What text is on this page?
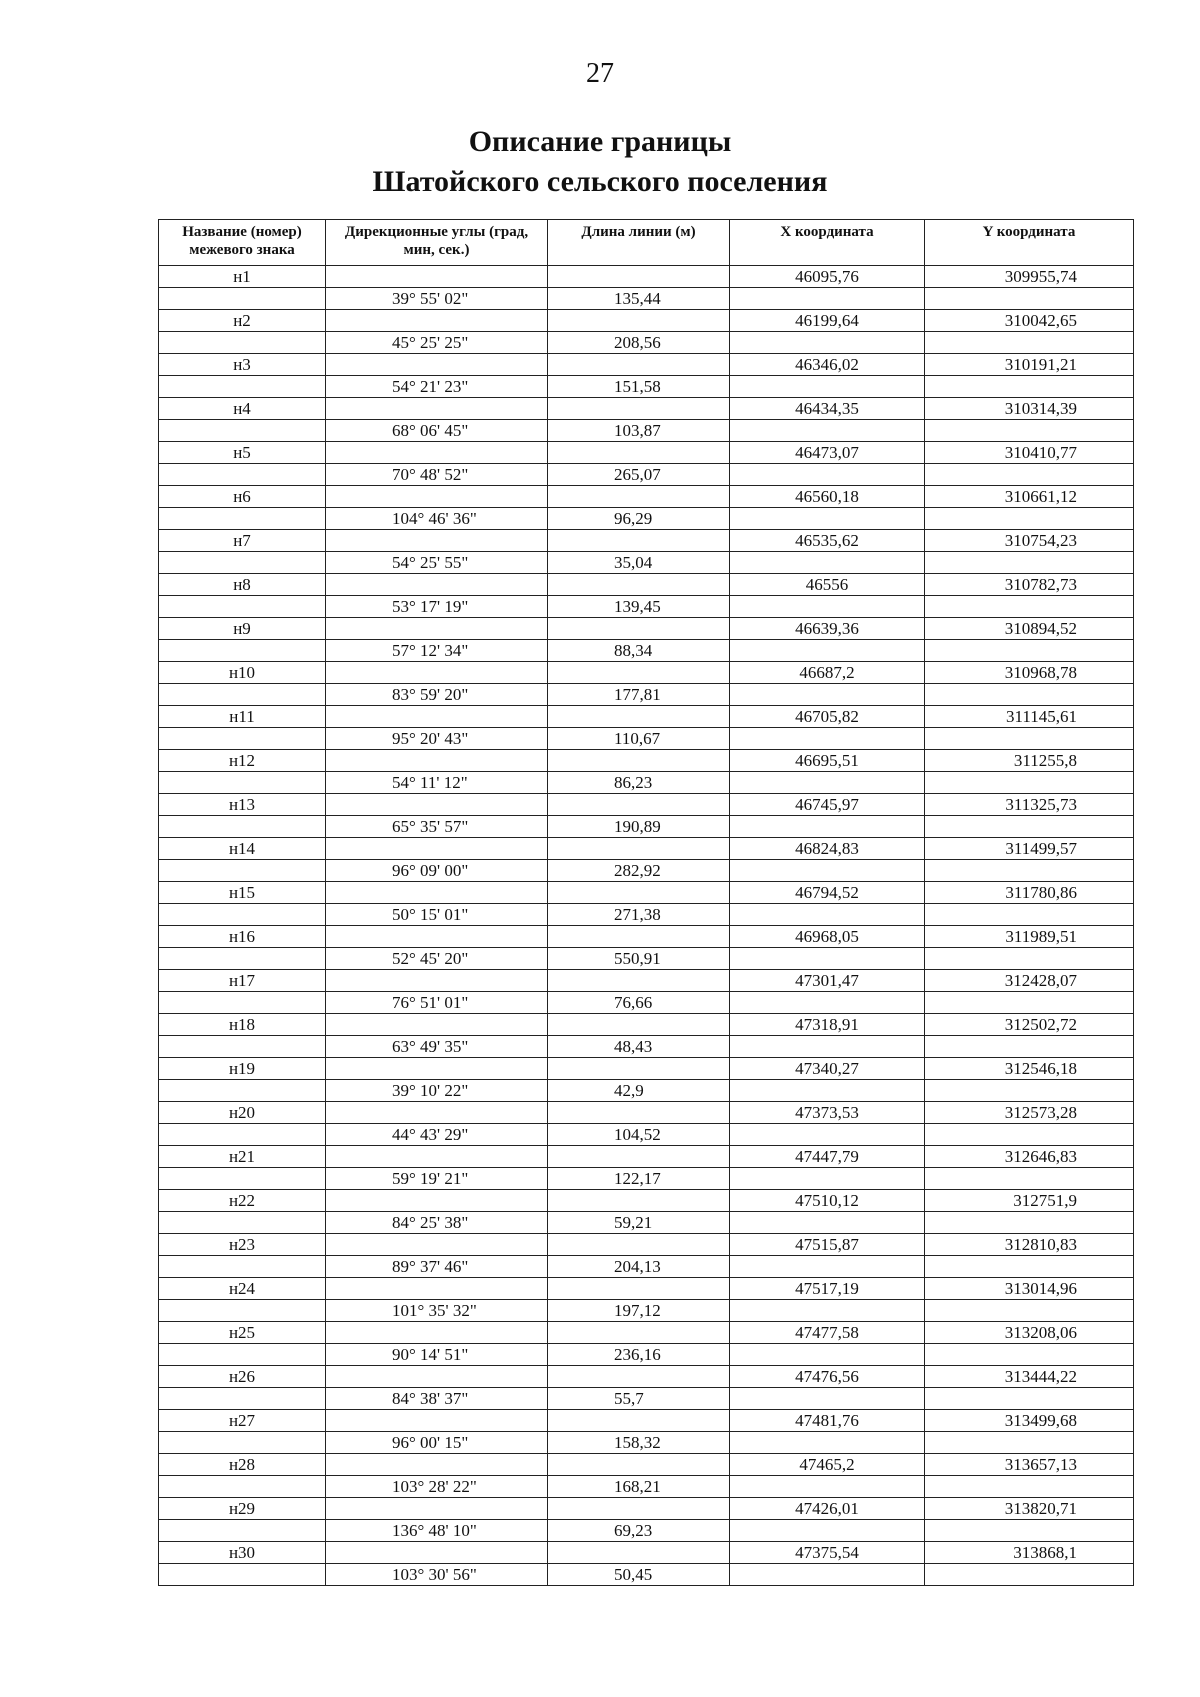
27
Описание границы
Шатойского сельского поселения
Название (номер) межевого знака	Дирекционные углы (град, мин, сек.)	Длина линии (м)	X координата	Y координата
н1			46095,76	309955,74
	39° 55' 02"	135,44		
н2			46199,64	310042,65
	45° 25' 25"	208,56		
н3			46346,02	310191,21
	54° 21' 23"	151,58		
н4			46434,35	310314,39
	68° 06' 45"	103,87		
н5			46473,07	310410,77
	70° 48' 52"	265,07		
н6			46560,18	310661,12
	104° 46' 36"	96,29		
н7			46535,62	310754,23
	54° 25' 55"	35,04		
н8			46556	310782,73
	53° 17' 19"	139,45		
н9			46639,36	310894,52
	57° 12' 34"	88,34		
н10			46687,2	310968,78
	83° 59' 20"	177,81		
н11			46705,82	311145,61
	95° 20' 43"	110,67		
н12			46695,51	311255,8
	54° 11' 12"	86,23		
н13			46745,97	311325,73
	65° 35' 57"	190,89		
н14			46824,83	311499,57
	96° 09' 00"	282,92		
н15			46794,52	311780,86
	50° 15' 01"	271,38		
н16			46968,05	311989,51
	52° 45' 20"	550,91		
н17			47301,47	312428,07
	76° 51' 01"	76,66		
н18			47318,91	312502,72
	63° 49' 35"	48,43		
н19			47340,27	312546,18
	39° 10' 22"	42,9		
н20			47373,53	312573,28
	44° 43' 29"	104,52		
н21			47447,79	312646,83
	59° 19' 21"	122,17		
н22			47510,12	312751,9
	84° 25' 38"	59,21		
н23			47515,87	312810,83
	89° 37' 46"	204,13		
н24			47517,19	313014,96
	101° 35' 32"	197,12		
н25			47477,58	313208,06
	90° 14' 51"	236,16		
н26			47476,56	313444,22
	84° 38' 37"	55,7		
н27			47481,76	313499,68
	96° 00' 15"	158,32		
н28			47465,2	313657,13
	103° 28' 22"	168,21		
н29			47426,01	313820,71
	136° 48' 10"	69,23		
н30			47375,54	313868,1
	103° 30' 56"	50,45		
